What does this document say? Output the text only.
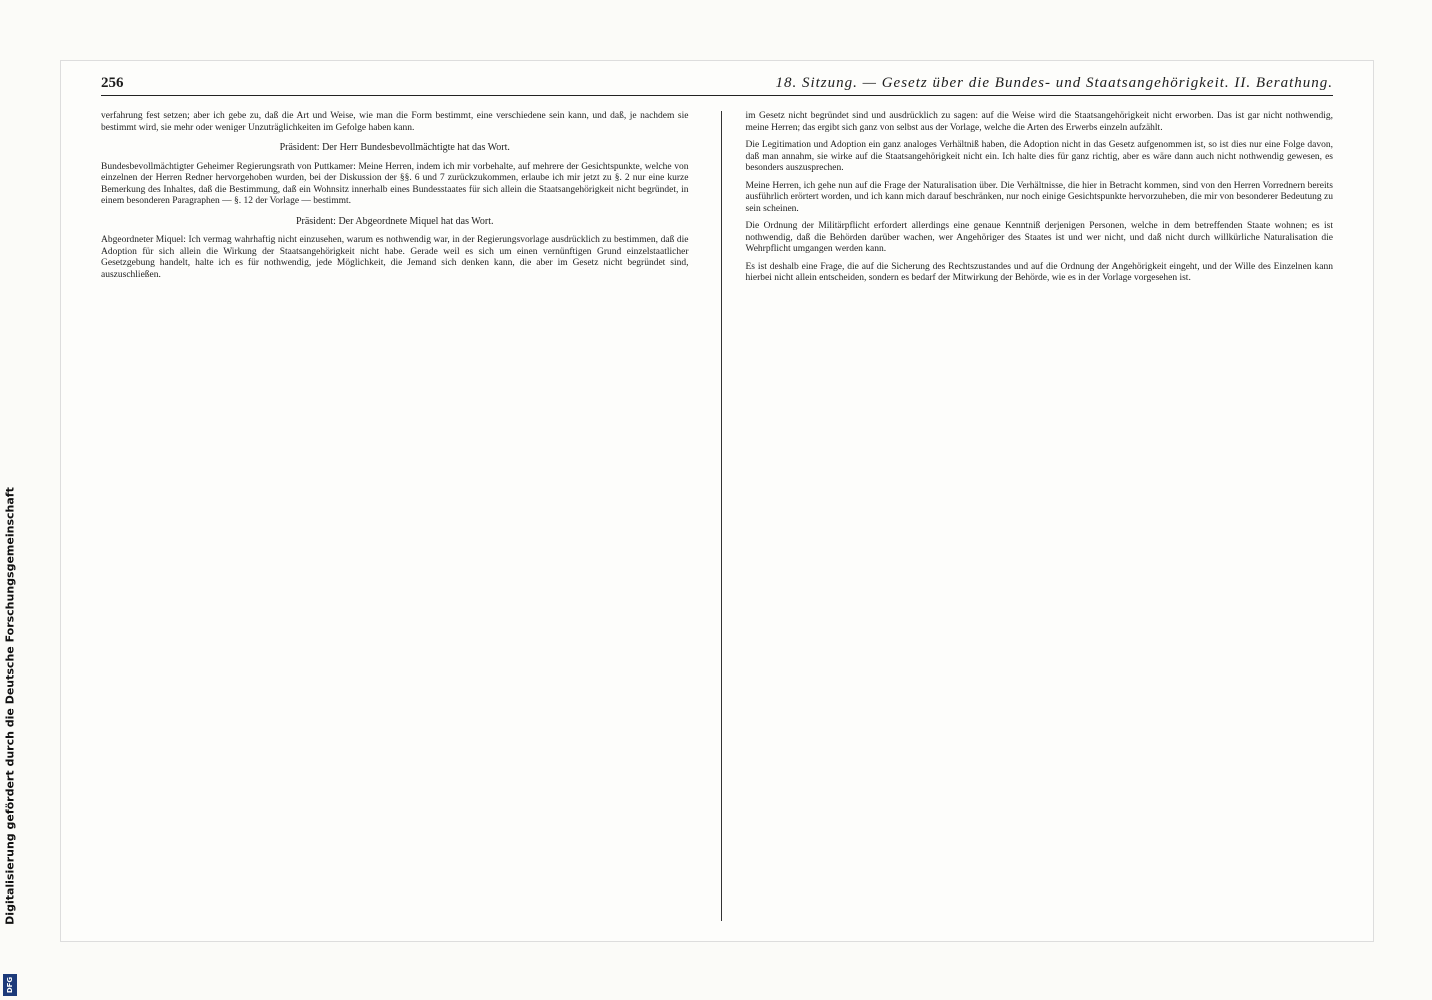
256	18. Sitzung. — Gesetz über die Bundes- und Staatsangehörigkeit. II. Berathung.

verfahrung fest setzen; aber ich gebe zu, daß die Art und Weise, wie man die Form bestimmt, eine verschiedene sein kann, und daß, je nachdem sie bestimmt wird, sie mehr oder weniger Unzuträglichkeiten im Gefolge haben kann.

Präsident: Der Herr Bundesbevollmächtigte hat das Wort.

Bundesbevollmächtigter Geheimer Regierungsrath von Puttkamer: Meine Herren, indem ich mir vorbehalte, auf mehrere der Gesichtspunkte, welche von einzelnen der Herren Redner hervorgehoben wurden, bei der Diskussion der §§. 6 und 7 zurückzukommen, erlaube ich mir jetzt zu §. 2 nur eine kurze Bemerkung des Inhaltes, daß die Bestimmung, daß ein Wohnsitz innerhalb eines Bundesstaates für sich allein die Staatsangehörigkeit nicht begründet, in einem besonderen Paragraphen — §. 12 der Vorlage — bestimmt.

Präsident: Der Abgeordnete Miquel hat das Wort.

Abgeordneter Miquel: Ich vermag wahrhaftig nicht einzusehen, warum es nothwendig war, in der Regierungsvorlage ausdrücklich zu bestimmen, daß die Adoption für sich allein die Wirkung der Staatsangehörigkeit nicht habe. Gerade weil es sich um einen vernünftigen Grund einzelstaatlicher Gesetzgebung handelt, halte ich es für nothwendig, jede Möglichkeit, die Jemand sich denken kann, die aber im Gesetz nicht begründet sind, auszuschließen.

im Gesetz nicht begründet sind und ausdrücklich zu sagen: auf die Weise wird die Staatsangehörigkeit nicht erworben. Das ist gar nicht nothwendig, meine Herren; das ergibt sich ganz von selbst aus der Vorlage, welche die Arten des Erwerbs einzeln aufzählt.

Die Legitimation und Adoption ein ganz analoges Verhältniß haben, die Adoption nicht in das Gesetz aufgenommen ist, so ist dies nur eine Folge davon, daß man annahm, sie wirke auf die Staatsangehörigkeit nicht ein. Ich halte dies für ganz richtig, aber es wäre dann auch nicht nothwendig gewesen, es besonders auszusprechen.

Meine Herren, ich gehe nun auf die Frage der Naturalisation über. Die Verhältnisse, die hier in Betracht kommen, sind von den Herren Vorrednern bereits ausführlich erörtert worden, und ich kann mich darauf beschränken, nur noch einige Gesichtspunkte hervorzuheben, die mir von besonderer Bedeutung zu sein scheinen.

Die Ordnung der Militärpflicht erfordert allerdings eine genaue Kenntniß derjenigen Personen, welche in dem betreffenden Staate wohnen; es ist nothwendig, daß die Behörden darüber wachen, wer Angehöriger des Staates ist und wer nicht, und daß nicht durch willkürliche Naturalisation die Wehrpflicht umgangen werden kann.

Es ist deshalb eine Frage, die auf die Sicherung des Rechtszustandes und auf die Ordnung der Angehörigkeit eingeht, und der Wille des Einzelnen kann hierbei nicht allein entscheiden, sondern es bedarf der Mitwirkung der Behörde, wie es in der Vorlage vorgesehen ist.

Digitalisierung gefördert durch die Deutsche Forschungsgemeinschaft
DFG
